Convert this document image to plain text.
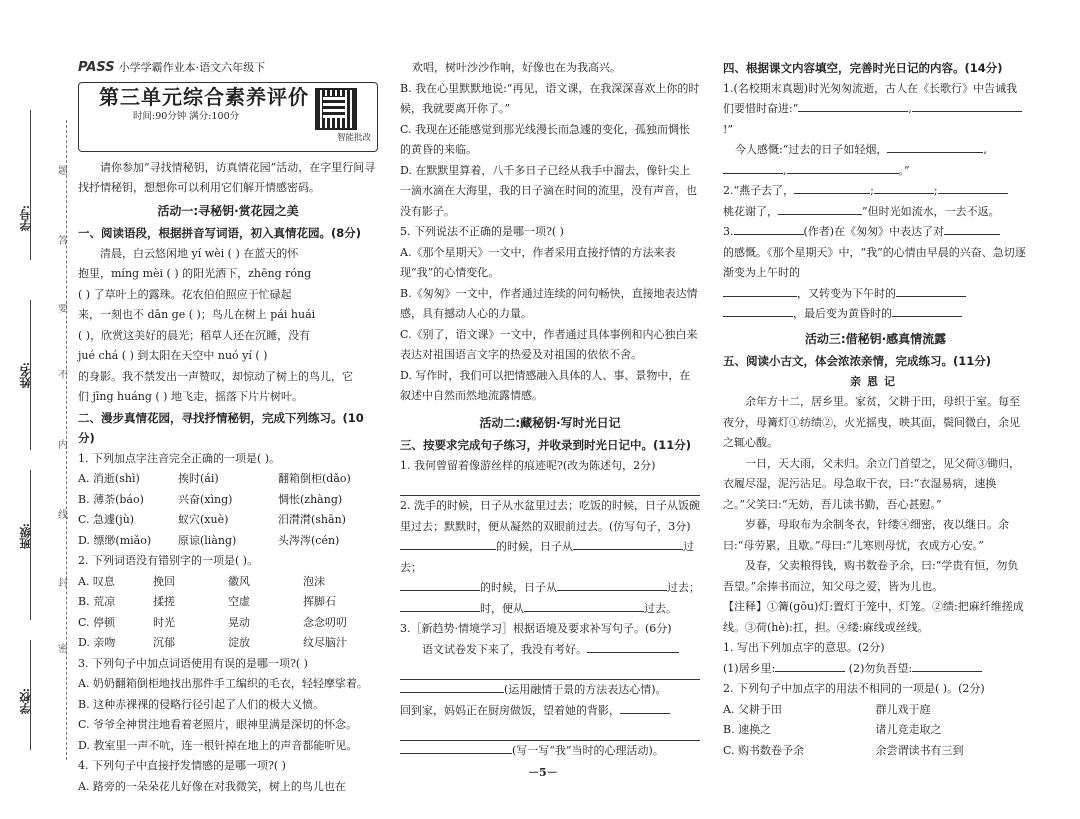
学号:
姓名:
班级:
学校:
题
答
要
不
内
线
封
密
PASS 小学学霸作业本·语文六年级下
第三单元综合素养评价
时间:90分钟 满分:100分
智能批改
请你参加“寻找情秘钥，访真情花园”活动，在字里行间寻找抒情秘钥，想想你可以利用它们解开情感密码。
活动一:寻秘钥·赏花园之美
一、阅读语段，根据拼音写词语，初入真情花园。(8分)
清晨，白云悠闲地 yí wèi ( ) 在蓝天的怀
抱里，míng mèi ( ) 的阳光洒下，zhēng róng
( ) 了草叶上的露珠。花农伯伯照应于忙碌起
来，一刻也不 dān ge ( )；鸟儿在树上 pái huái
( )，欣赏这美好的晨光；稻草人还在沉睡，没有
jué chá ( ) 到太阳在天空中 nuó yí ( )
的身影。我不禁发出一声赞叹，却惊动了树上的鸟儿，它
们 jīng huáng ( ) 地飞走，摇落下片片树叶。
二、漫步真情花园，寻找抒情秘钥，完成下列练习。(10分)
1. 下列加点字注音完全正确的一项是( )。
A. 消逝(shì)	挨时(ái)	翻箱倒柜(dǎo)
B. 薄荼(báo)	兴奋(xìng)	惆怅(zhàng)
C. 急遽(jù)	蚁穴(xuè)	汨潸潸(shān)
D. 缥缈(miǎo)	原谅(liàng)	头涔涔(cén)
2. 下列词语没有错别字的一项是( )。
A. 叹息	挽回	徽风	泡沫
B. 荒凉	揉搓	空虚	挥脚石
C. 停顿	时光	晃动	念念叨叨
D. 亲吻	沉郁	淀放	纹尽脑汁
3. 下列句子中加点词语使用有误的是哪一项?( )
A. 奶奶翻箱倒柜地找出那件手工编织的毛衣，轻轻摩挲着。
B. 这种赤裸裸的侵略行径引起了人们的极大义愤。
C. 爷爷全神贯注地看着老照片，眼神里满是深切的怀念。
D. 教室里一声不吭，连一根针掉在地上的声音都能听见。
4. 下列句子中直接抒发情感的是哪一项?( )
A. 路旁的一朵朵花儿好像在对我微笑，树上的鸟儿也在
欢唱，树叶沙沙作响，好像也在为我高兴。
B. 我在心里默默地说:“再见，语文课，在我深深喜欢上你的时候，我就要离开你了。”
C. 我现在还能感觉到那光线漫长而急遽的变化，孤独而惆怅的黄昏的来临。
D. 在默默里算着，八千多日子已经从我手中溜去，像针尖上一滴水滴在大海里，我的日子滴在时间的流里，没有声音，也没有影子。
5. 下列说法不正确的是哪一项?( )
A.《那个星期天》一文中，作者采用直接抒情的方法来表现“我”的心情变化。
B.《匆匆》一文中，作者通过连续的问句畅快，直接地表达情感，具有撼动人心的力量。
C.《别了，语文课》一文中，作者通过具体事例和内心独白来表达对祖国语言文字的热爱及对祖国的依依不舍。
D. 写作时，我们可以把情感融入具体的人、事、景物中，在叙述中自然而然地流露情感。
活动二:藏秘钥·写时光日记
三、按要求完成句子练习，并收录到时光日记中。(11分)
1. 我何曾留着像游丝样的痕迹呢?(改为陈述句，2分)
2. 洗手的时候，日子从水盆里过去；吃饭的时候，日子从饭碗里过去；默默时，便从凝然的双眼前过去。(仿写句子，3分)
的时候，日子从	过去；
的时候，日子从	过去；
时，便从	过去。
3.［新趋势·情境学习］根据语境及要求补写句子。(6分)
语文试卷发下来了，我没有考好。
(运用融情于景的方法表达心情)。
回到家，妈妈正在厨房做饭，望着她的背影，
(写一写“我”当时的心理活动)。
四、根据课文内容填空，完善时光日记的内容。(14分)
1.(名校期末真题)时光匆匆流逝，古人在《长歌行》中告诫我们要惜时奋进:“	,!”
今人感慨:“过去的日子如轻烟，	,
,	。”
2.“燕子去了，	;	;
桃花谢了，	”但时光如流水，一去不返。
3.	(作者)在《匆匆》中表达了对
的感慨。《那个星期天》中，“我”的心情由早晨的兴奋、急切逐渐变为上午时的
，又转变为下午时的
，最后变为黄昏时的
活动三:借秘钥·感真情流露
五、阅读小古文，体会浓浓亲情，完成练习。(11分)
亲恩记
余年方十二，居乡里。家贫，父耕于田，母织于室。每至夜分，母篝灯①纺绩②，火光摇曳，映其面，鬓间微白，余见之辄心酸。
一日，天大雨，父未归。余立门首望之，见父荷③锄归，衣履尽湿，泥污沾足。母急取干衣，曰:“衣湿易病，速换之。”父笑曰:“无妨，吾儿读书勤，吾心甚慰。”
岁暮，母取布为余制冬衣，针缕④细密，夜以继日。余曰:“母劳累，且歇。”母曰:“儿寒则母忧，衣成方心安。”
及春，父卖粮得钱，购书数卷予余，曰:“学贵有恒，勿负吾望。”余捧书而泣，知父母之爱，皆为儿也。
【注释】①篝(gōu)灯:置灯于笼中，灯笼。②绩:把麻纤维搓成线。③荷(hè):扛，担。④缕:麻线或丝线。
1. 写出下列加点字的意思。(2分)
(1)居乡里:	(2)勿负吾望:
2. 下列句子中加点字的用法不相同的一项是( )。(2分)
A. 父耕于田	群儿戏于庭
B. 速换之	诸儿竞走取之
C. 购书数卷予余	余尝谓读书有三到
－5－
